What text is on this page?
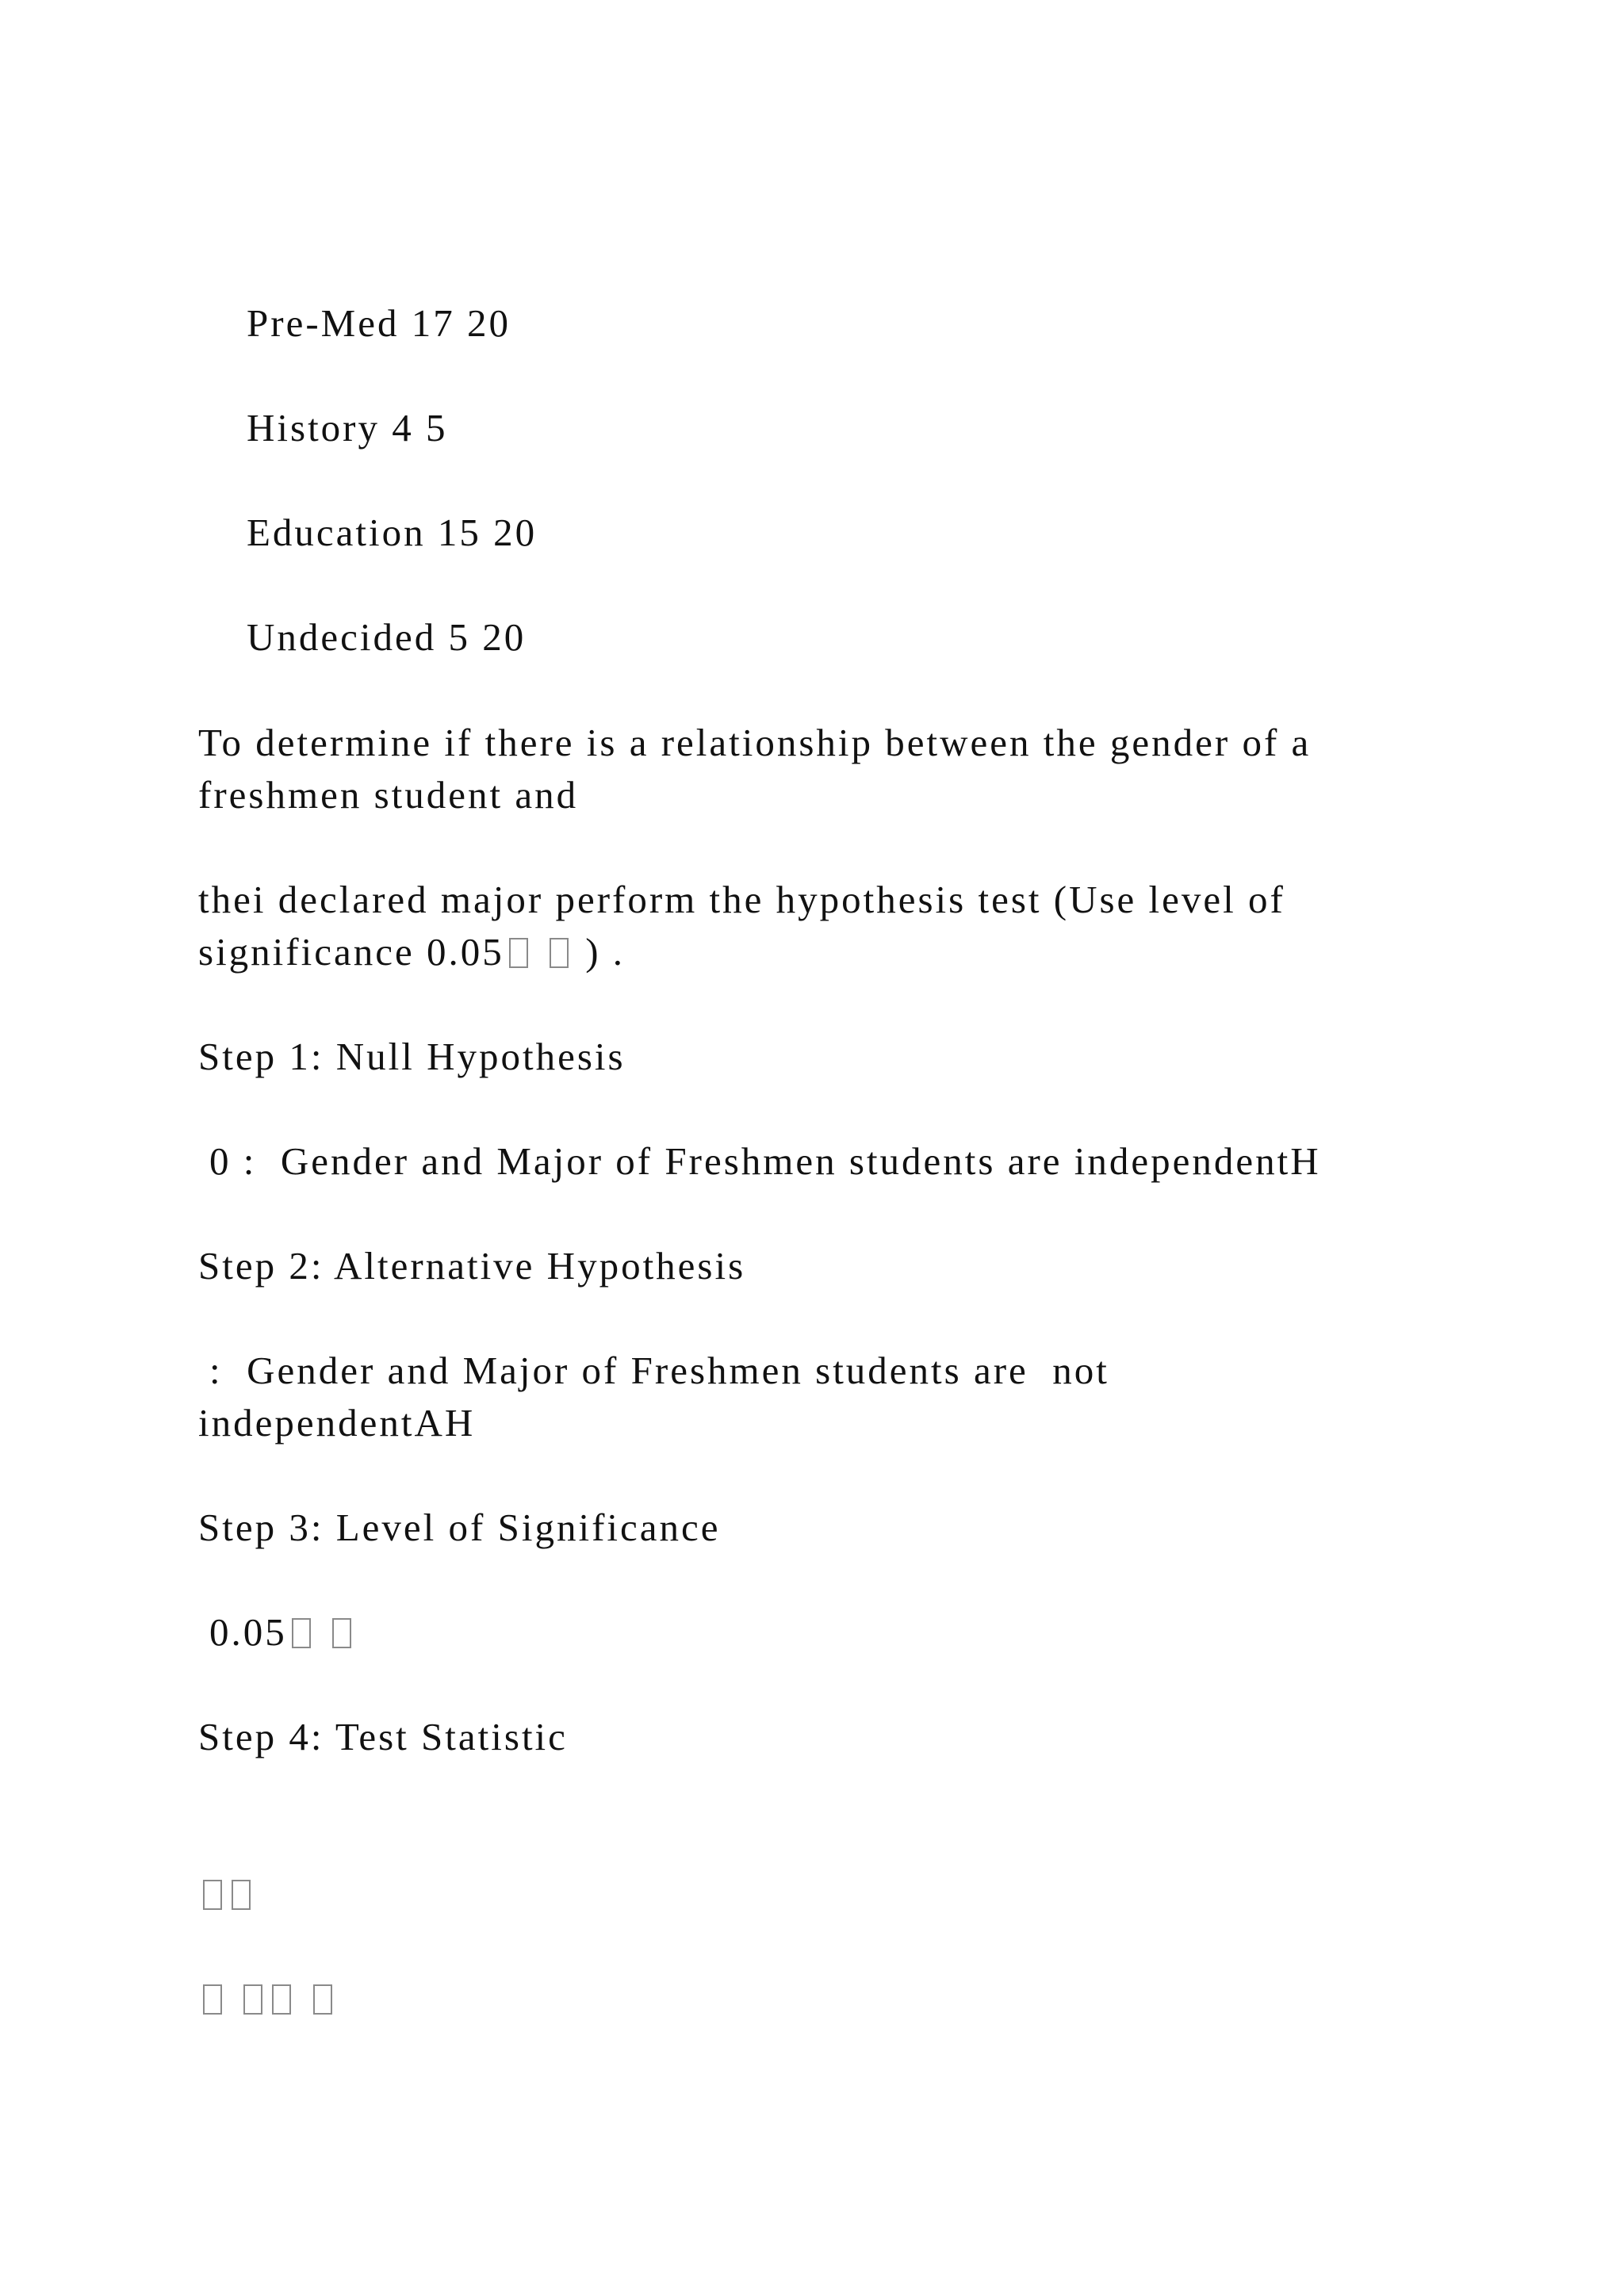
Pre-Med 17 20

History 4 5

Education 15 20

Undecided 5 20

To determine if there is a relationship between the gender of a

freshmen student and

thei declared major perform the hypothesis test (Use level of

significance 0.05  ) .

Step 1: Null Hypothesis

0 :  Gender and Major of Freshmen students are independentH

Step 2: Alternative Hypothesis

:  Gender and Major of Freshmen students are  not

independentAH

Step 3: Level of Significance

0.05

Step 4: Test Statistic
